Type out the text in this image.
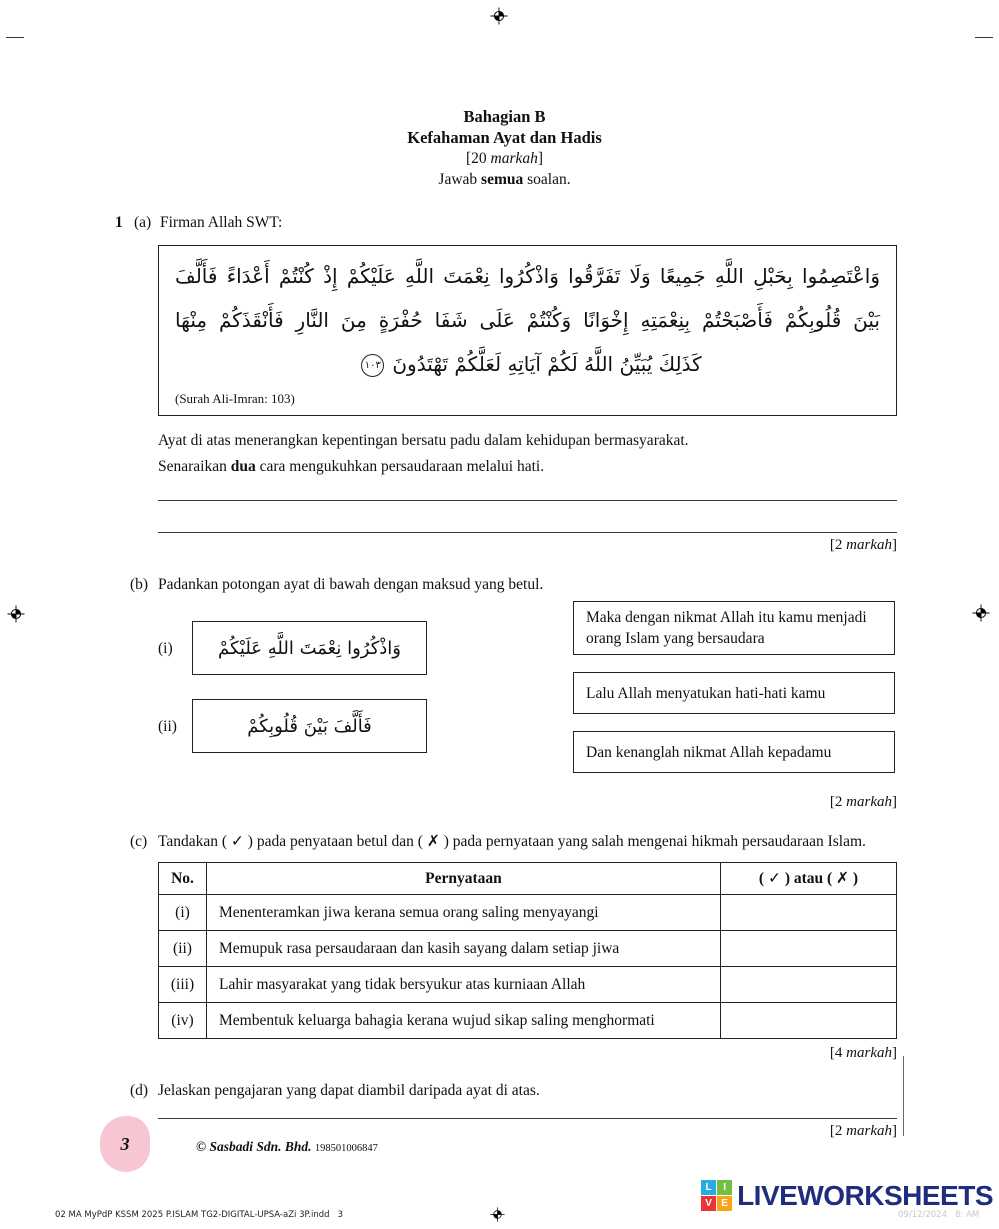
Bahagian B
Kefahaman Ayat dan Hadis
[20 markah]
Jawab semua soalan.
1 (a) Firman Allah SWT:
وَاعْتَصِمُوا بِحَبْلِ اللَّهِ جَمِيعًا وَلَا تَفَرَّقُوا وَاذْكُرُوا نِعْمَتَ اللَّهِ عَلَيْكُمْ إِذْ كُنْتُمْ أَعْدَاءً فَأَلَّفَ
بَيْنَ قُلُوبِكُمْ فَأَصْبَحْتُمْ بِنِعْمَتِهِ إِخْوَانًا وَكُنْتُمْ عَلَى شَفَا حُفْرَةٍ مِنَ النَّارِ فَأَنْقَذَكُمْ مِنْهَا
كَذَلِكَ يُبَيِّنُ اللَّهُ لَكُمْ آيَاتِهِ لَعَلَّكُمْ تَهْتَدُونَ١٠٣
(Surah Ali-Imran: 103)

Ayat di atas menerangkan kepentingan bersatu padu dalam kehidupan bermasyarakat.

Senaraikan dua cara mengukuhkan persaudaraan melalui hati.

[2 markah]
(b) Padankan potongan ayat di bawah dengan maksud yang betul.
(i)	وَاذْكُرُوا نِعْمَتَ اللَّهِ عَلَيْكُمْ
(ii)	فَأَلَّفَ بَيْنَ قُلُوبِكُمْ
Maka dengan nikmat Allah itu kamu menjadi orang Islam yang bersaudara
Lalu Allah menyatukan hati-hati kamu
Dan kenanglah nikmat Allah kepadamu
[2 markah]
(c) Tandakan ( ✓ ) pada penyataan betul dan ( ✗ ) pada pernyataan yang salah mengenai hikmah persaudaraan Islam.
No.	Pernyataan	( ✓ ) atau ( ✗ )
(i)	Menenteramkan jiwa kerana semua orang saling menyayangi	
(ii)	Memupuk rasa persaudaraan dan kasih sayang dalam setiap jiwa	
(iii)	Lahir masyarakat yang tidak bersyukur atas kurniaan Allah	
(iv)	Membentuk keluarga bahagia kerana wujud sikap saling menghormati	
[4 markah]
(d) Jelaskan pengajaran yang dapat diambil daripada ayat di atas.
[2 markah]
3	© Sasbadi Sdn. Bhd. 198501006847
02 MA MyPdP KSSM 2025 P.ISLAM TG2-DIGITAL-UPSA-aZi 3P.indd   3	09/12/2024   8: AM
L	I
V E LIVEWORKSHEETS
